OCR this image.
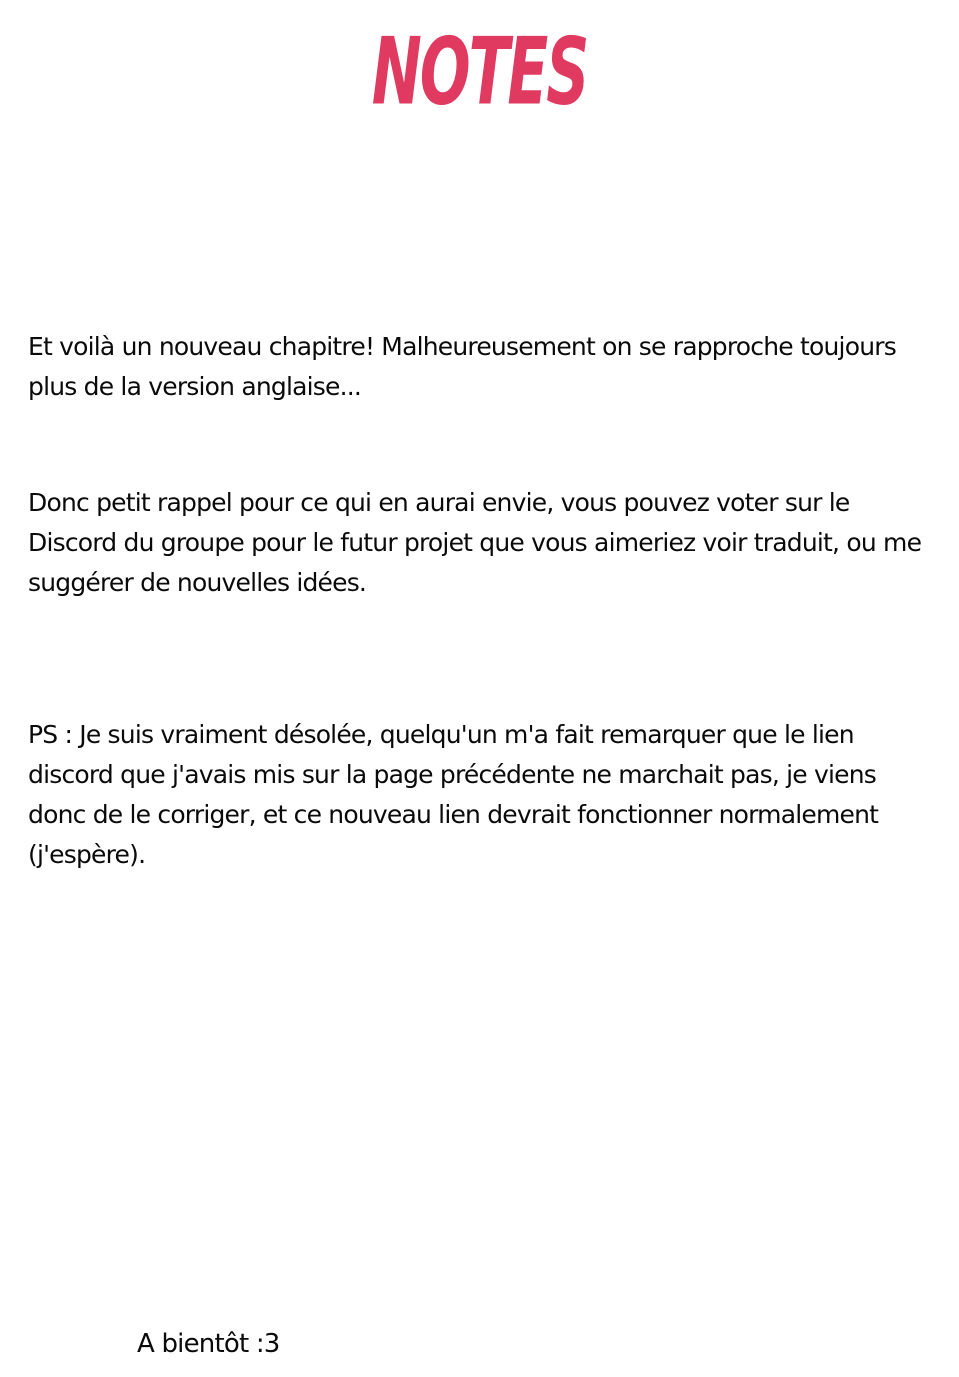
NOTES

Et voilà un nouveau chapitre! Malheureusement on se rapproche toujours plus de la version anglaise...

Donc petit rappel pour ce qui en aurai envie, vous pouvez voter sur le Discord du groupe pour le futur projet que vous aimeriez voir traduit, ou me suggérer de nouvelles idées.

PS : Je suis vraiment désolée, quelqu'un m'a fait remarquer que le lien discord que j'avais mis sur la page précédente ne marchait pas, je viens donc de le corriger, et ce nouveau lien devrait fonctionner normalement (j'espère).

A bientôt :3
